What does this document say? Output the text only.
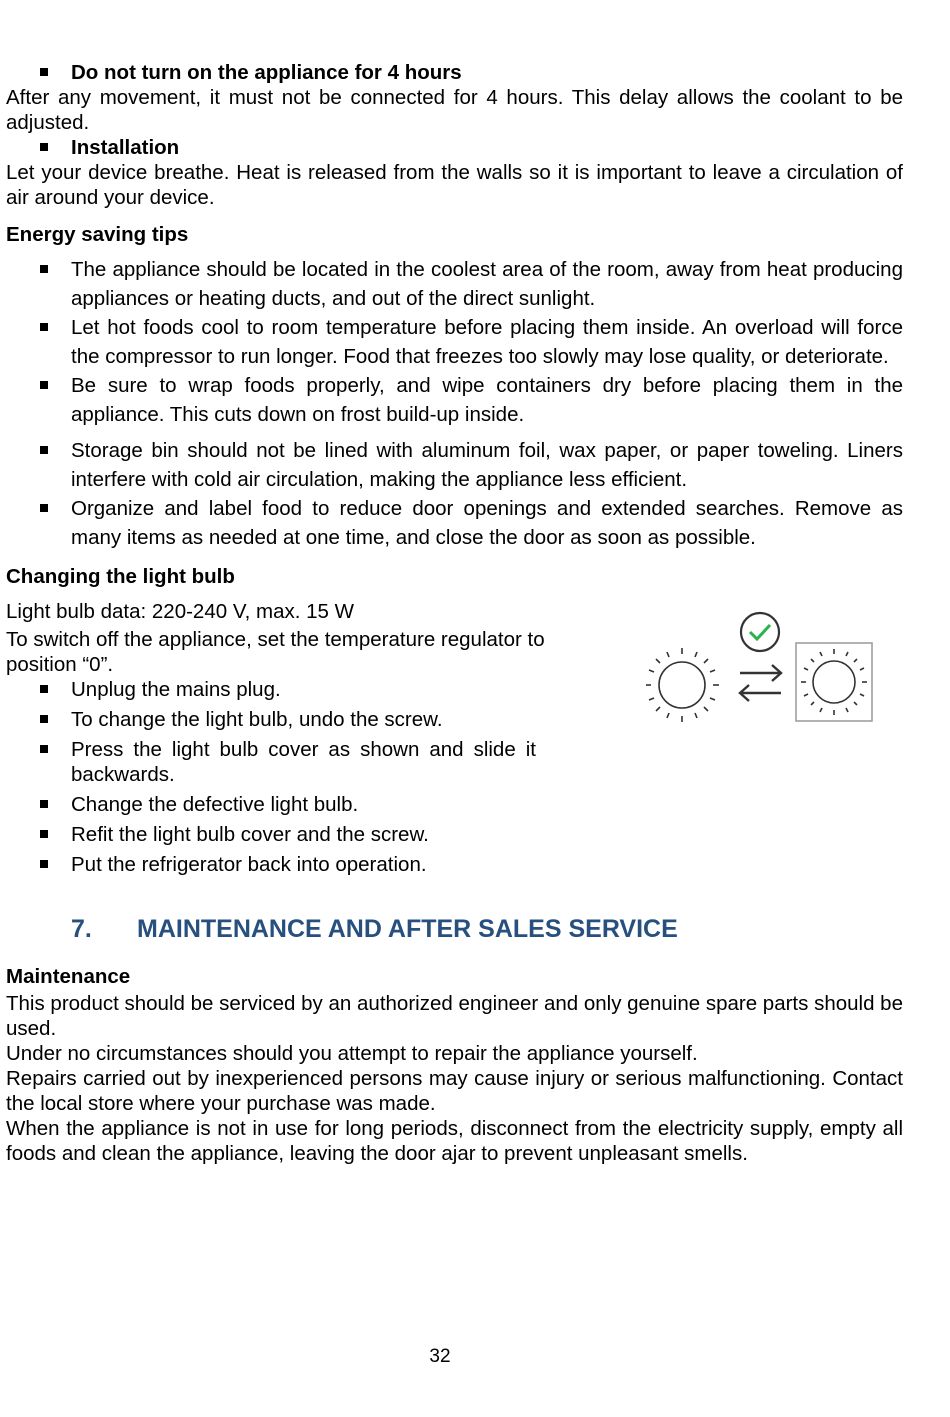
Do not turn on the appliance for 4 hours

After any movement, it must not be connected for 4 hours. This delay allows the coolant to be adjusted.

Installation

Let your device breathe. Heat is released from the walls so it is important to leave a circulation of air around your device.

Energy saving tips

The appliance should be located in the coolest area of the room, away from heat producing appliances or heating ducts, and out of the direct sunlight.
Let hot foods cool to room temperature before placing them inside. An overload will force the compressor to run longer. Food that freezes too slowly may lose quality, or deteriorate.
Be sure to wrap foods properly, and wipe containers dry before placing them in the appliance. This cuts down on frost build-up inside.
Storage bin should not be lined with aluminum foil, wax paper, or paper toweling. Liners interfere with cold air circulation, making the appliance less efficient.
Organize and label food to reduce door openings and extended searches. Remove as many items as needed at one time, and close the door as soon as possible.

Changing the light bulb

Light bulb data: 220-240 V, max. 15 W

To switch off the appliance, set the temperature regulator to position “0”.

Unplug the mains plug.
To change the light bulb, undo the screw.
Press the light bulb cover as shown and slide it backwards.
Change the defective light bulb.
Refit the light bulb cover and the screw.
Put the refrigerator back into operation.
7.	MAINTENANCE AND AFTER SALES SERVICE

Maintenance

This product should be serviced by an authorized engineer and only genuine spare parts should be used.

Under no circumstances should you attempt to repair the appliance yourself.

Repairs carried out by inexperienced persons may cause injury or serious malfunctioning. Contact the local store where your purchase was made.

When the appliance is not in use for long periods, disconnect from the electricity supply, empty all foods and clean the appliance, leaving the door ajar to prevent unpleasant smells.

32
